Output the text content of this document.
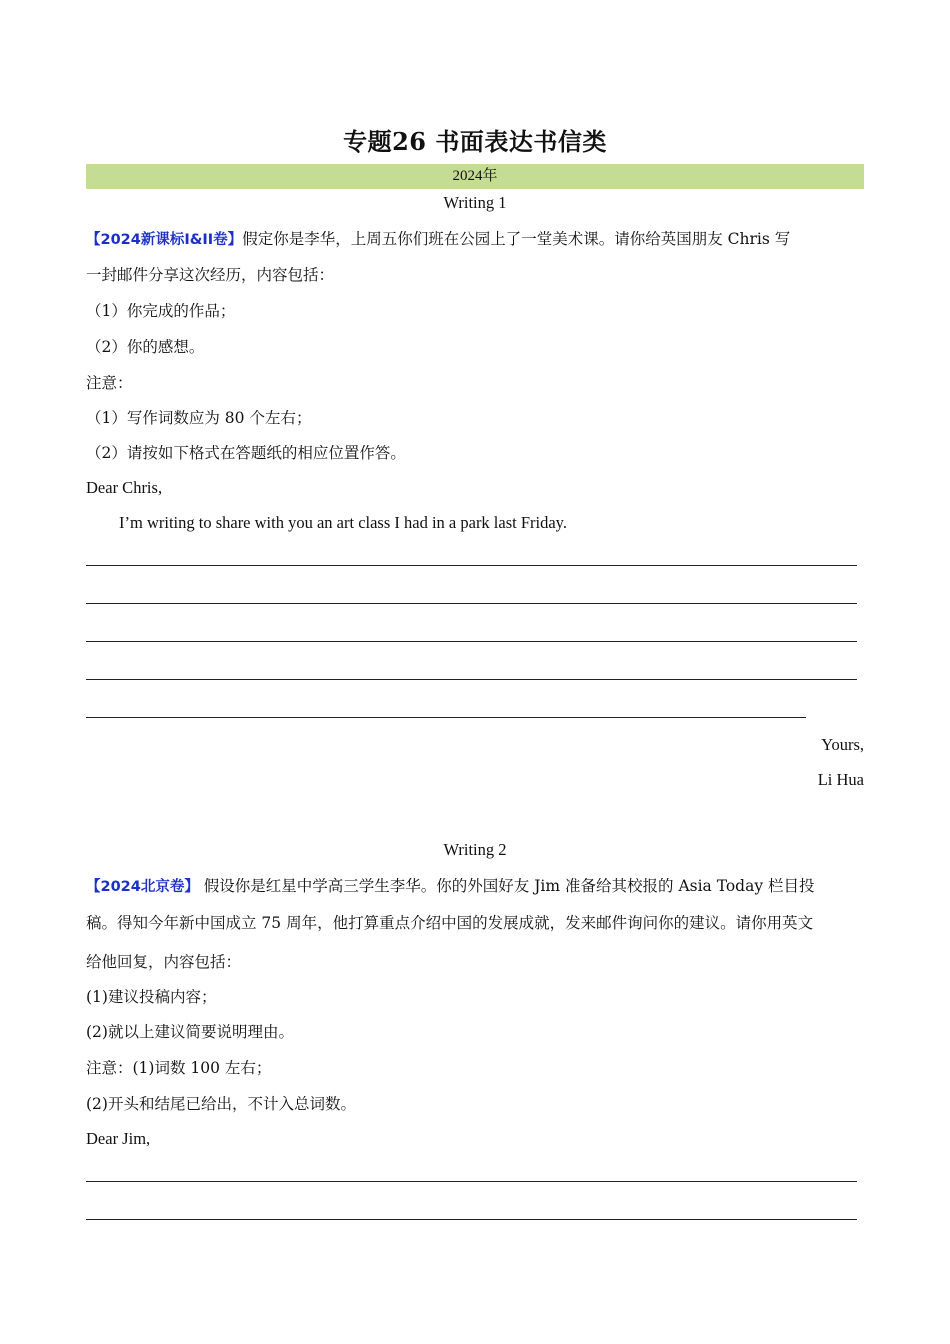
专题26 书面表达书信类
2024年
Writing 1
【2024新课标Ⅰ&II卷】假定你是李华，上周五你们班在公园上了一堂美术课。请你给英国朋友 Chris 写
一封邮件分享这次经历，内容包括：
（1）你完成的作品；
（2）你的感想。
注意：
（1）写作词数应为 80 个左右；
（2）请按如下格式在答题纸的相应位置作答。
Dear Chris,
I’m writing to share with you an art class I had in a park last Friday.
Yours,
Li Hua
Writing 2
【2024北京卷】 假设你是红星中学高三学生李华。你的外国好友 Jim 准备给其校报的 Asia Today 栏目投
稿。得知今年新中国成立 75 周年，他打算重点介绍中国的发展成就，发来邮件询问你的建议。请你用英文
给他回复，内容包括：
(1)建议投稿内容；
(2)就以上建议简要说明理由。
注意：(1)词数 100 左右；
(2)开头和结尾已给出，不计入总词数。
Dear Jim,
